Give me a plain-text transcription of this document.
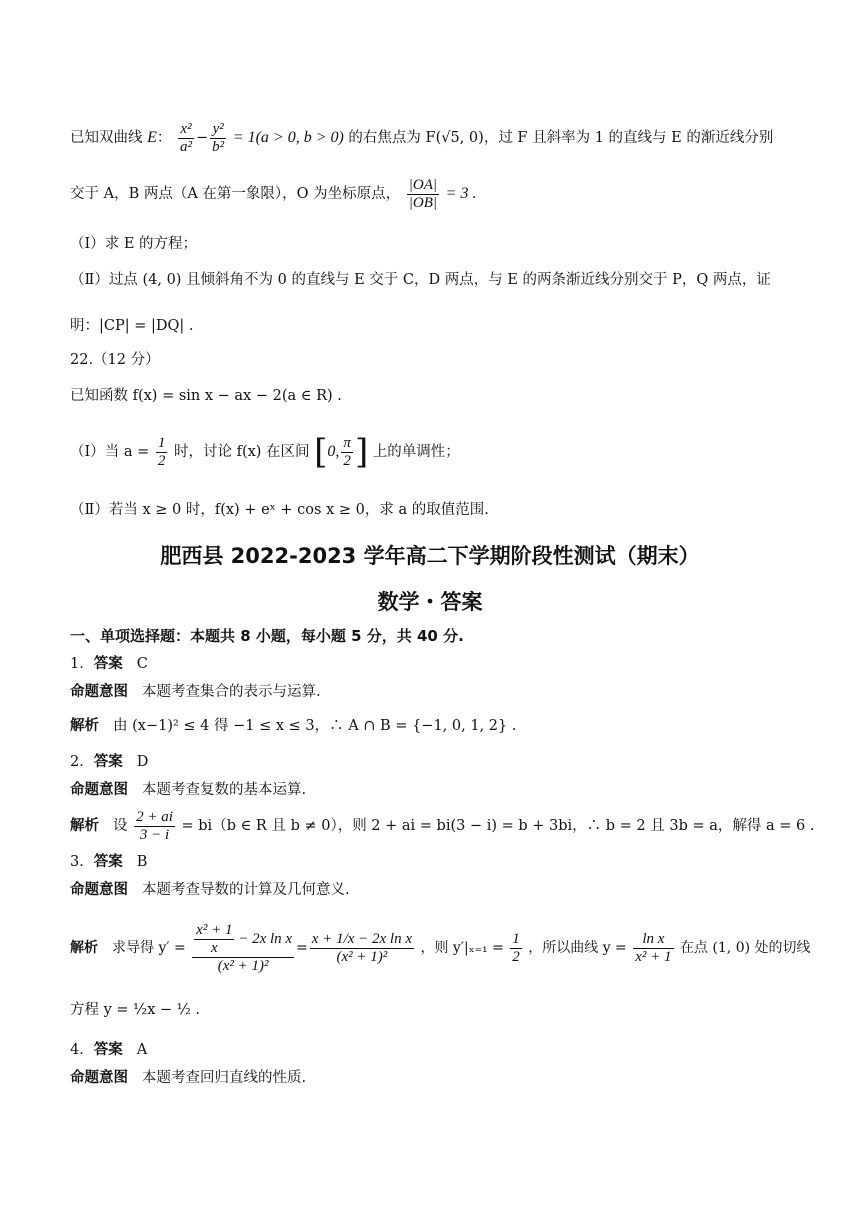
已知双曲线 E： $\frac{\text{x²}}{\text{a²}} - \frac{\text{y²}}{\text{b²}} = 1(a > 0$, b > 0) 的右焦点为 F(√5, 0)，过 F 且斜率为 1 的直线与 E 的渐近线分别
交于 A，B 两点（A 在第一象限），O 为坐标原点， $\frac{|OA|}{|OB|} = 3$ .
（Ⅰ）求 E 的方程；
（Ⅱ）过点 (4, 0) 且倾斜角不为 0 的直线与 E 交于 C，D 两点，与 E 的两条渐近线分别交于 P，Q 两点，证
明：|CP| = |DQ| .
22.（12 分）
已知函数 f(x) = sin x − ax − 2(a ∈ R) .
（Ⅰ）当 $a = \frac{1}{2}$ 时，讨论 f(x) 在区间 [0, $\frac{\pi}{2}$ ] 上的单调性；
（Ⅱ）若当 x ≥ 0 时，f(x) + eˣ + cos x ≥ 0，求 a 的取值范围.
肥西县 2022-2023 学年高二下学期阶段性测试（期末）
数学・答案
一、单项选择题：本题共 8 小题，每小题 5 分，共 40 分.
1．答案 C
命题意图 本题考查集合的表示与运算.
解析 由 (x−1)² ≤ 4 得 −1 ≤ x ≤ 3，∴ A ∩ B = {−1, 0, 1, 2} .
2．答案 D
命题意图 本题考查复数的基本运算.
解析 设 $\frac{2 + ai}{3 - i} = bi(b$ ∈ R 且 b ≠ 0），则 2 + ai = bi(3 − i) = b + 3bi，∴ b = 2 且 3b = a，解得 a = 6 .
3．答案 B
命题意图 本题考查导数的计算及几何意义.
解析 求导得 $y' = \frac{\frac{\text{x² + 1}}{x} - 2x \ln x}{\text{(x² + 1)²}} = \frac{\text{x + 1/x − 2x ln x}}{\text{(x² + 1)²}}$ ，则 $y'|_{x=1} = \frac{1}{2}$ ，所以曲线 $y = \frac{\text{ln x}}{\text{x² + 1}}$ 在点 (1, 0) 处的切线
方程 y = ½x − ½ .
4．答案 A
命题意图 本题考查回归直线的性质.
